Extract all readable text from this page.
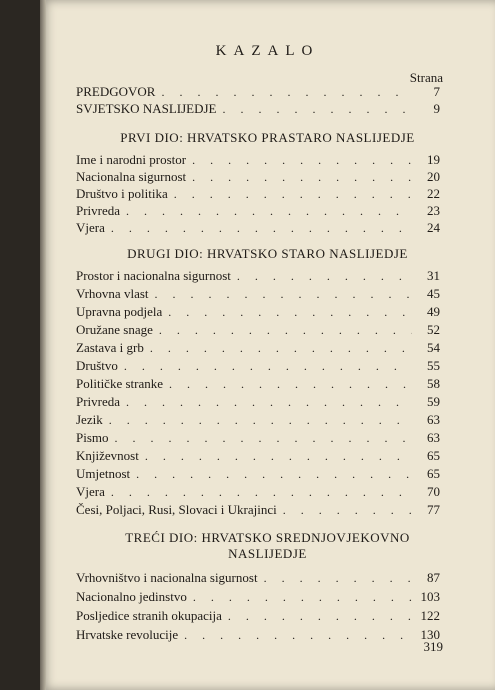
KAZALO
Strana
PREDGOVOR . . .	7
SVJETSKO NASLIJEDJE . . .	9
PRVI DIO: HRVATSKO PRASTARO NASLIJEDJE
Ime i narodni prostor . . .	19
Nacionalna sigurnost . . .	20
Društvo i politika . . .	22
Privreda . . .	23
Vjera . . .	24
DRUGI DIO: HRVATSKO STARO NASLIJEDJE
Prostor i nacionalna sigurnost . . .	31
Vrhovna vlast . . .	45
Upravna podjela . . .	49
Oružane snage . . .	52
Zastava i grb . . .	54
Društvo . . .	55
Političke stranke . . .	58
Privreda . . .	59
Jezik . . .	63
Pismo . . .	63
Književnost . . .	65
Umjetnost . . .	65
Vjera . . .	70
Česi, Poljaci, Rusi, Slovaci i Ukrajinci . . .	77
TREĆI DIO: HRVATSKO SREDNJOVJEKOVNO
NASLIJEDJE
Vrhovništvo i nacionalna sigurnost . . .	87
Nacionalno jedinstvo . . .	103
Posljedice stranih okupacija . . .	122
Hrvatske revolucije . . .	130
319
